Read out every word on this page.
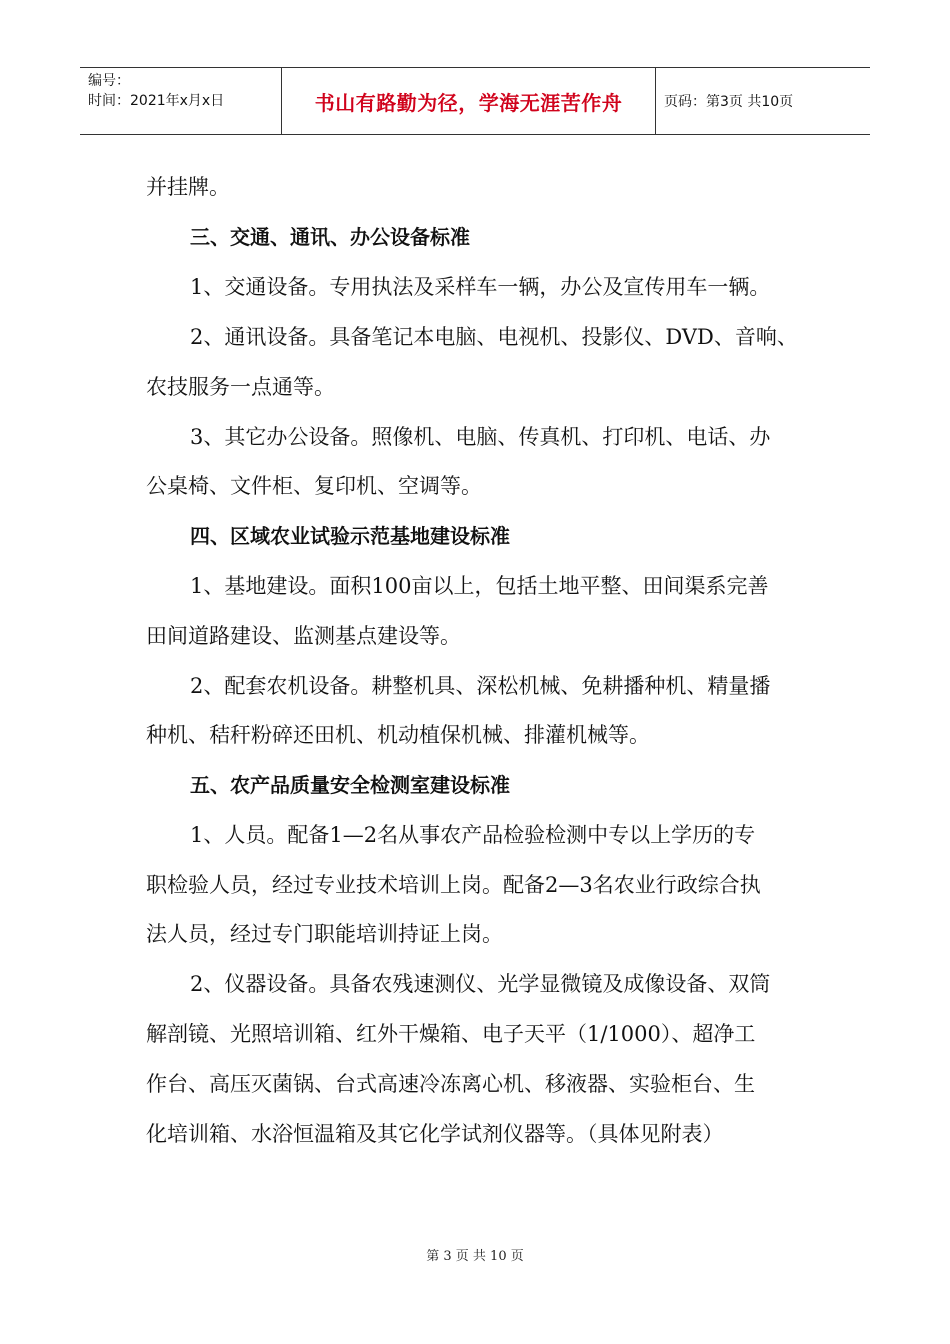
编号：
时间：2021年x月x日	书山有路勤为径，学海无涯苦作舟	页码：第3页 共10页
并挂牌。
三、交通、通讯、办公设备标准
1、交通设备。专用执法及采样车一辆，办公及宣传用车一辆。
2、通讯设备。具备笔记本电脑、电视机、投影仪、DVD、音响、
农技服务一点通等。
3、其它办公设备。照像机、电脑、传真机、打印机、电话、办
公桌椅、文件柜、复印机、空调等。
四、区域农业试验示范基地建设标准
1、基地建设。面积100亩以上，包括土地平整、田间渠系完善
田间道路建设、监测基点建设等。
2、配套农机设备。耕整机具、深松机械、免耕播种机、精量播
种机、秸秆粉碎还田机、机动植保机械、排灌机械等。
五、农产品质量安全检测室建设标准
1、人员。配备1—2名从事农产品检验检测中专以上学历的专
职检验人员，经过专业技术培训上岗。配备2—3名农业行政综合执
法人员，经过专门职能培训持证上岗。
2、仪器设备。具备农残速测仪、光学显微镜及成像设备、双筒
解剖镜、光照培训箱、红外干燥箱、电子天平（1/1000）、超净工
作台、高压灭菌锅、台式高速冷冻离心机、移液器、实验柜台、生
化培训箱、水浴恒温箱及其它化学试剂仪器等。（具体见附表）
第 3 页 共 10 页
